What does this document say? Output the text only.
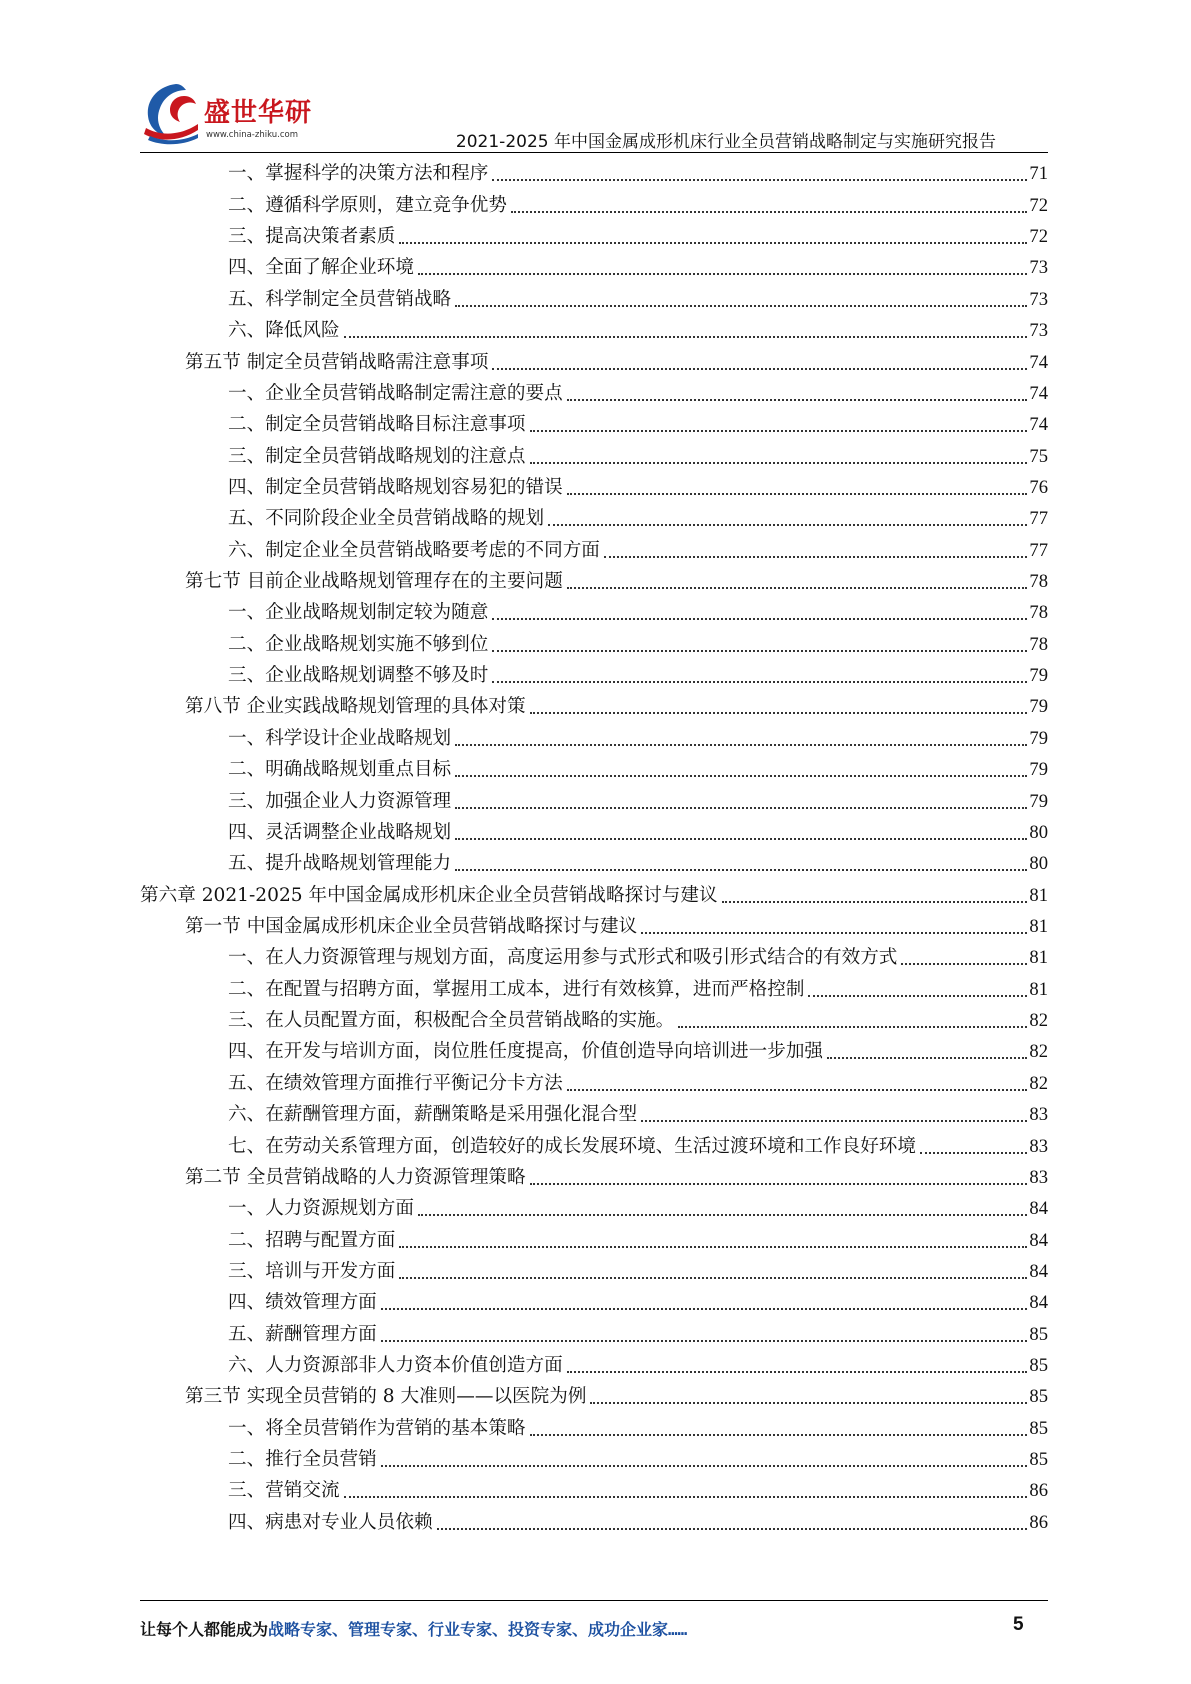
盛世华研
www.china-zhiku.com	2021-2025 年中国金属成形机床行业全员营销战略制定与实施研究报告
一、掌握科学的决策方法和程序	71
二、遵循科学原则，建立竞争优势	72
三、提高决策者素质	72
四、全面了解企业环境	73
五、科学制定全员营销战略	73
六、降低风险	73
第五节 制定全员营销战略需注意事项	74
一、企业全员营销战略制定需注意的要点	74
二、制定全员营销战略目标注意事项	74
三、制定全员营销战略规划的注意点	75
四、制定全员营销战略规划容易犯的错误	76
五、不同阶段企业全员营销战略的规划	77
六、制定企业全员营销战略要考虑的不同方面	77
第七节 目前企业战略规划管理存在的主要问题	78
一、企业战略规划制定较为随意	78
二、企业战略规划实施不够到位	78
三、企业战略规划调整不够及时	79
第八节 企业实践战略规划管理的具体对策	79
一、科学设计企业战略规划	79
二、明确战略规划重点目标	79
三、加强企业人力资源管理	79
四、灵活调整企业战略规划	80
五、提升战略规划管理能力	80
第六章 2021-2025 年中国金属成形机床企业全员营销战略探讨与建议	81
第一节 中国金属成形机床企业全员营销战略探讨与建议	81
一、在人力资源管理与规划方面，高度运用参与式形式和吸引形式结合的有效方式	81
二、在配置与招聘方面，掌握用工成本，进行有效核算，进而严格控制	81
三、在人员配置方面，积极配合全员营销战略的实施。	82
四、在开发与培训方面，岗位胜任度提高，价值创造导向培训进一步加强	82
五、在绩效管理方面推行平衡记分卡方法	82
六、在薪酬管理方面，薪酬策略是采用强化混合型	83
七、在劳动关系管理方面，创造较好的成长发展环境、生活过渡环境和工作良好环境	83
第二节 全员营销战略的人力资源管理策略	83
一、人力资源规划方面	84
二、招聘与配置方面	84
三、培训与开发方面	84
四、绩效管理方面	84
五、薪酬管理方面	85
六、人力资源部非人力资本价值创造方面	85
第三节 实现全员营销的 8 大准则——以医院为例	85
一、将全员营销作为营销的基本策略	85
二、推行全员营销	85
三、营销交流	86
四、病患对专业人员依赖	86
让每个人都能成为战略专家、管理专家、行业专家、投资专家、成功企业家……	5
